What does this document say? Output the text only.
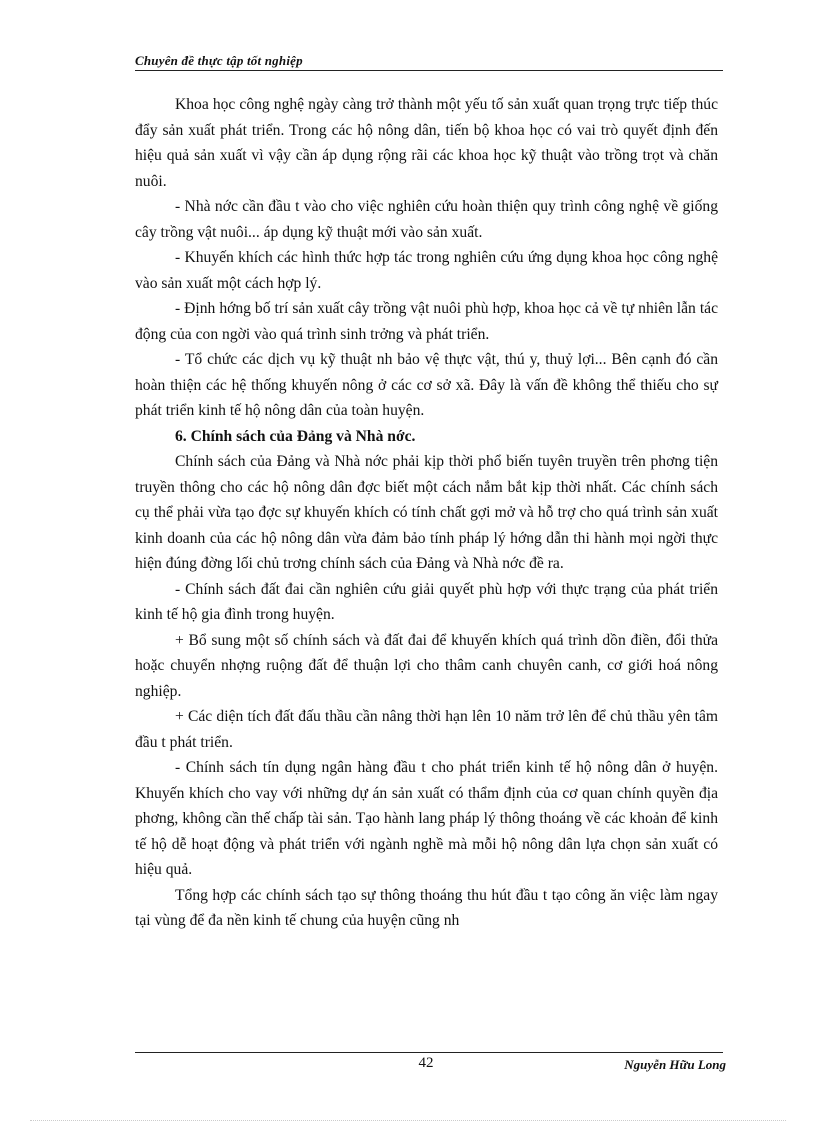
Chuyên đề thực tập tốt nghiệp

Khoa học công nghệ ngày càng trở thành một yếu tố sản xuất quan trọng trực tiếp thúc đẩy sản xuất phát triển. Trong các hộ nông dân, tiến bộ khoa học có vai trò quyết định đến hiệu quả sản xuất vì vậy cần áp dụng rộng rãi các khoa học kỹ thuật vào trồng trọt và chăn nuôi.

- Nhà nớc cần đầu t vào cho việc nghiên cứu hoàn thiện quy trình công nghệ về giống cây trồng vật nuôi... áp dụng kỹ thuật mới vào sản xuất.

- Khuyến khích các hình thức hợp tác trong nghiên cứu ứng dụng khoa học công nghệ vào sản xuất một cách hợp lý.

- Định hớng bố trí sản xuất cây trồng vật nuôi phù hợp, khoa học cả về tự nhiên lẫn tác động của con ngời vào quá trình sinh trởng và phát triển.

- Tổ chức các dịch vụ kỹ thuật nh bảo vệ thực vật, thú y, thuỷ lợi... Bên cạnh đó cần hoàn thiện các hệ thống khuyến nông ở các cơ sở xã. Đây là vấn đề không thể thiếu cho sự phát triển kinh tế hộ nông dân của toàn huyện.

6. Chính sách của Đảng và Nhà nớc.

Chính sách của Đảng và Nhà nớc phải kịp thời phổ biến tuyên truyền trên phơng tiện truyền thông cho các hộ nông dân đợc biết một cách nắm bắt kịp thời nhất. Các chính sách cụ thể phải vừa tạo đợc sự khuyến khích có tính chất gợi mở và hỗ trợ cho quá trình sản xuất kinh doanh của các hộ nông dân vừa đảm bảo tính pháp lý hớng dẫn thi hành mọi ngời thực hiện đúng đờng lối chủ trơng chính sách của Đảng và Nhà nớc đề ra.

- Chính sách đất đai cần nghiên cứu giải quyết phù hợp với thực trạng của phát triển kinh tế hộ gia đình trong huyện.

+ Bổ sung một số chính sách và đất đai để khuyến khích quá trình dồn điền, đổi thửa hoặc chuyển nhợng ruộng đất để thuận lợi cho thâm canh chuyên canh, cơ giới hoá nông nghiệp.

+ Các diện tích đất đấu thầu cần nâng thời hạn lên 10 năm trở lên để chủ thầu yên tâm đầu t phát triển.

- Chính sách tín dụng ngân hàng đầu t cho phát triển kinh tế hộ nông dân ở huyện. Khuyến khích cho vay với những dự án sản xuất có thẩm định của cơ quan chính quyền địa phơng, không cần thế chấp tài sản. Tạo hành lang pháp lý thông thoáng về các khoản để kinh tế hộ dễ hoạt động và phát triển với ngành nghề mà mỗi hộ nông dân lựa chọn sản xuất có hiệu quả.

Tổng hợp các chính sách tạo sự thông thoáng thu hút đầu t tạo công ăn việc làm ngay tại vùng để đa nền kinh tế chung của huyện cũng nh

42	Nguyễn Hữu Long
